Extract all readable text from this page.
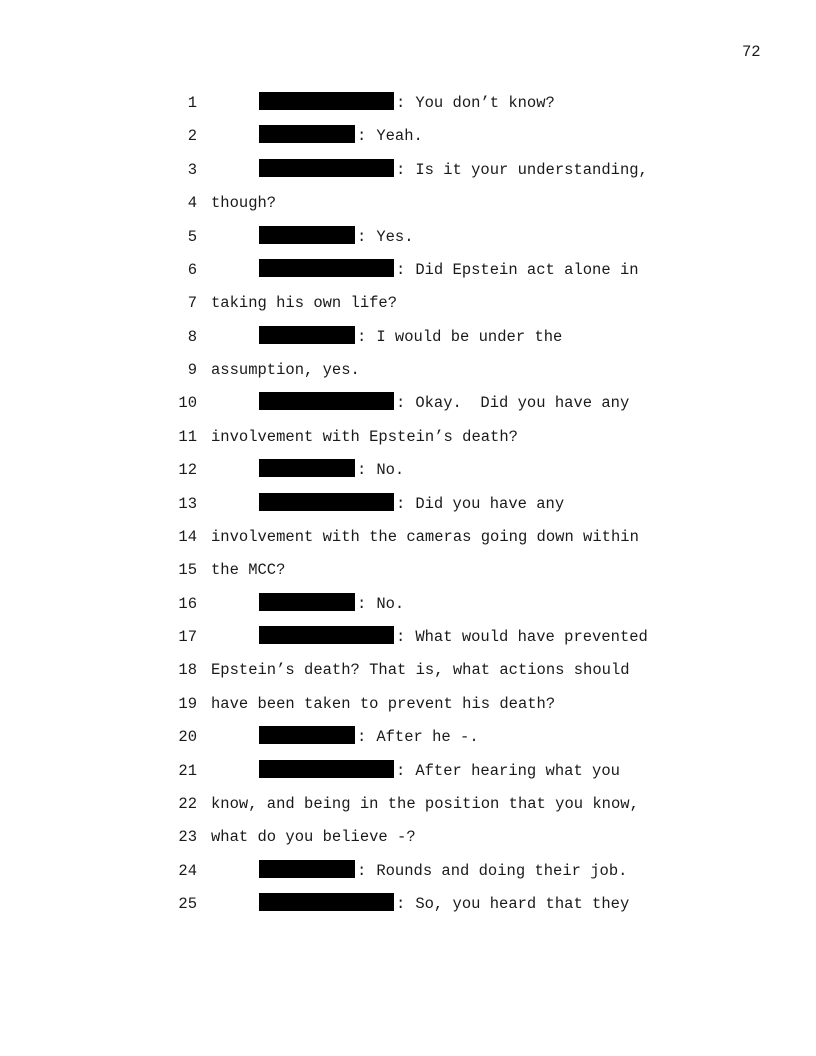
72
1	: You don’t know?
2	: Yeah.
3	: Is it your understanding,
4 though?
5	: Yes.
6	: Did Epstein act alone in
7 taking his own life?
8	: I would be under the
9 assumption, yes.
10	: Okay.  Did you have any
11 involvement with Epstein’s death?
12	: No.
13	: Did you have any
14 involvement with the cameras going down within
15 the MCC?
16	: No.
17	: What would have prevented
18 Epstein’s death? That is, what actions should
19 have been taken to prevent his death?
20	: After he -.
21	: After hearing what you
22 know, and being in the position that you know,
23 what do you believe -?
24	: Rounds and doing their job.
25	: So, you heard that they
